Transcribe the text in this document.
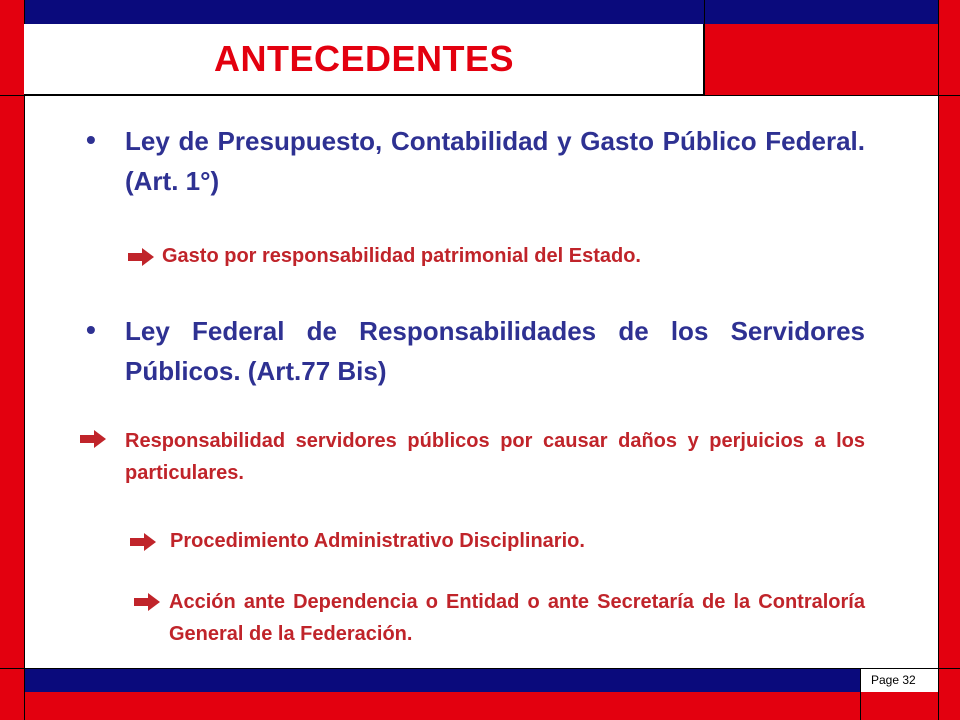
ANTECEDENTES
• Ley de Presupuesto, Contabilidad y Gasto Público Federal. (Art. 1°)
Gasto por responsabilidad patrimonial del Estado.
• Ley Federal de Responsabilidades de los Servidores Públicos. (Art.77 Bis)
Responsabilidad servidores públicos por causar daños y perjuicios a los particulares.
Procedimiento Administrativo Disciplinario.
Acción ante Dependencia o Entidad o ante Secretaría de la Contraloría General de la Federación.
Page 32
